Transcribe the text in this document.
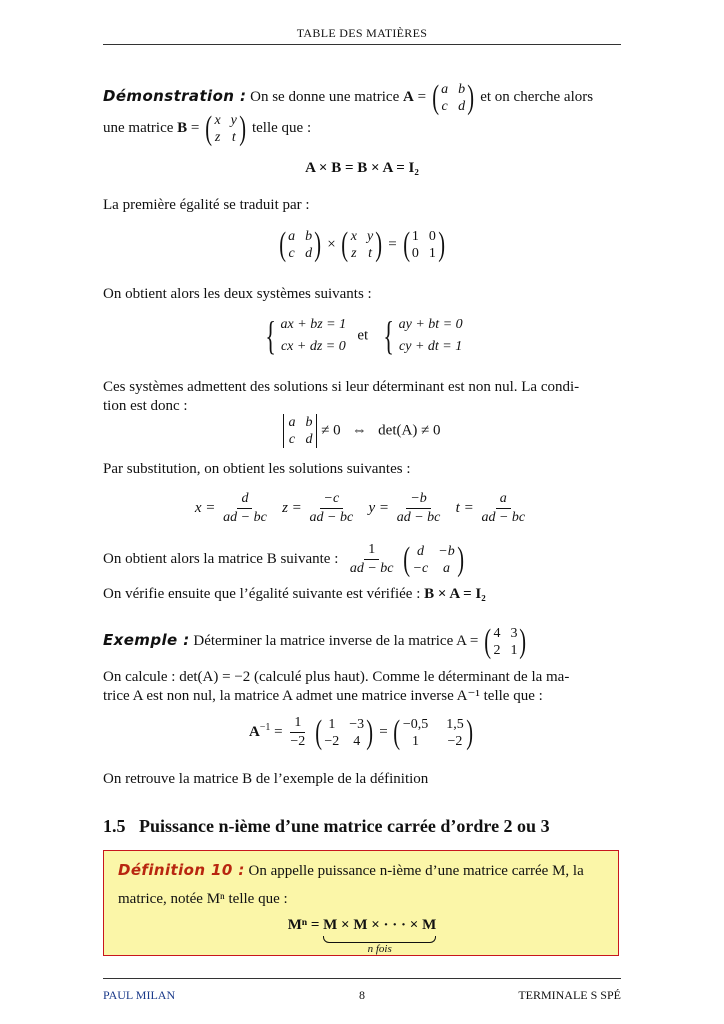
TABLE DES MATIÈRES
Démonstration : On se donne une matrice A = ( a b
c d ) et on cherche alors
une matrice B = ( x y
z t ) telle que :
A × B = B × A = I₂
La première égalité se traduit par :
( a b
c d ) × ( x y
z t ) = ( 1 0
0 1 )
On obtient alors les deux systèmes suivants :
{ ax + bz = 1
cx + dz = 0
et { ay + bt = 0
cy + dt = 1
Ces systèmes admettent des solutions si leur déterminant est non nul. La condi-
tion est donc :
a b
c d
≠ 0   ⇔   det(A) ≠ 0
Par substitution, on obtient les solutions suivantes :
$x = \frac{d}{ad - bc}$ $z = \frac{-c}{ad - bc}$ $y = \frac{-b}{ad - bc}$ $t = \frac{a}{ad - bc}$
On obtient alors la matrice B suivante : $\frac{1}{ad - bc}$
( d	−b
−c	a )
On vérifie ensuite que l’égalité suivante est vérifiée : B × A = I₂
Exemple : Déterminer la matrice inverse de la matrice A = ( 4 3
2 1 )
On calcule : det(A) = −2 (calculé plus haut). Comme le déterminant de la ma-
trice A est non nul, la matrice A admet une matrice inverse A⁻¹ telle que :
$A^{-1} = \frac{1}{-2}$
( 1 −3
−2 4 ) = ( −0,5 1,5
1	−2 )
On retrouve la matrice B de l’exemple de la définition
1.5 Puissance n-ième d’une matrice carrée d’ordre 2 ou 3
Définition 10 : On appelle puissance n-ième d’une matrice carrée M, la
matrice, notée Mⁿ telle que :
Mⁿ = M × M × · · · × M
n fois
PAUL MILAN	8	TERMINALE S SPÉ
